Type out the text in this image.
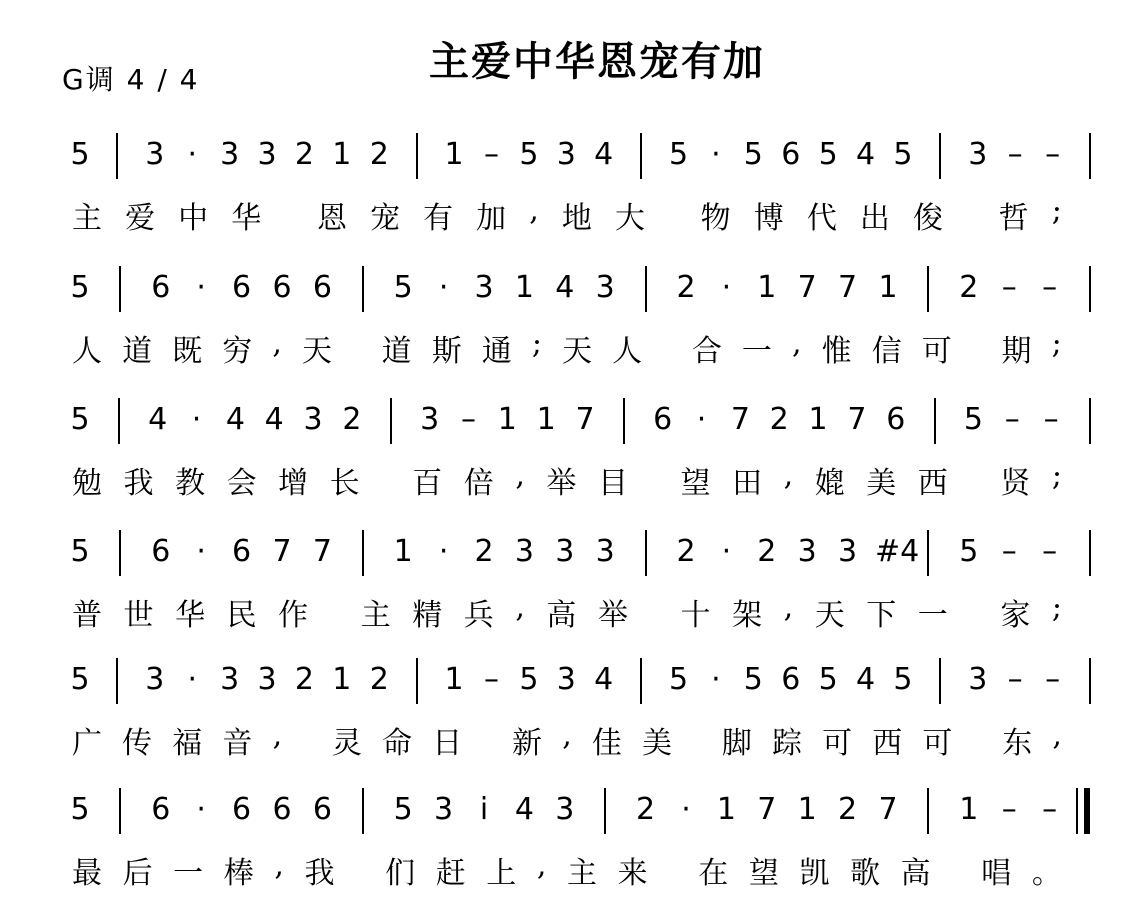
G调 4 / 4	主爱中华恩宠有加
5 3 · 3 3 2 1 2 1 – 5 3 4 5 · 5 6 5 4 5 3 – –
主 爱 中 华
恩 宠 有 加 , 地 大
物 博 代 出 俊
哲 ;
5 6 · 6 6 6 5 · 3 1 4 3 2 · 1 7 7 1 2 – –
人 道 既 穷 , 天
道 斯 通 ; 天 人
合 一 , 惟 信 可
期 ;
5 4 · 4 4 3 2 3 – 1 1 7 6 · 7 2 1 7 6 5 – –
勉 我 教 会 增 长
百 倍 , 举 目
望 田 , 媲 美 西
贤 ;
5 6 · 6 7 7 1 · 2 3 3 3 2 · 2 3 3 #4 5 – –
普 世 华 民 作
主 精 兵 , 高 举
十 架 , 天 下 一
家 ;
5 3 · 3 3 2 1 2 1 – 5 3 4 5 · 5 6 5 4 5 3 – –
广 传 福 音 ,
灵 命 日
新 , 佳 美
脚 踪 可 西 可
东 ,
5 6 · 6 6 6 5 3 i 4 3 2 · 1 7 1 2 7 1 – –
最 后 一 棒 , 我
们 赶 上 , 主 来
在 望 凯 歌 高
唱 。
